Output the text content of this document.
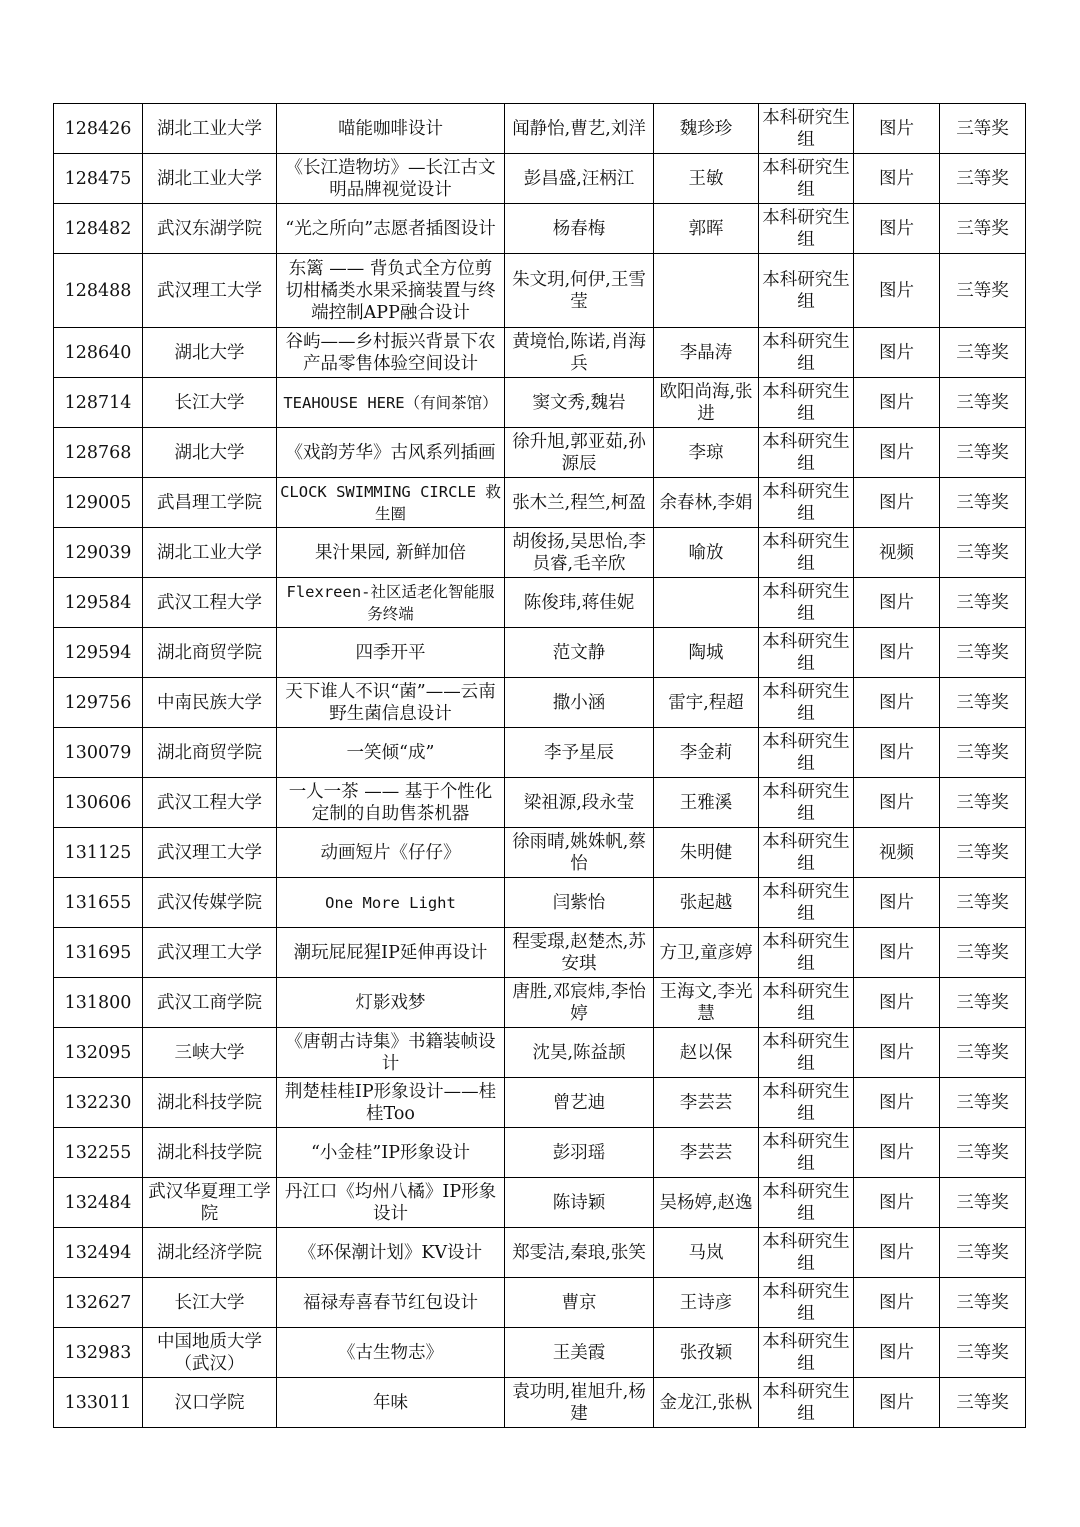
128426	湖北工业大学	喵能咖啡设计	闻静怡,曹艺,刘洋	魏珍珍	本科研究生组	图片	三等奖
128475	湖北工业大学	《长江造物坊》—长江古文明品牌视觉设计	彭昌盛,汪柄江	王敏	本科研究生组	图片	三等奖
128482	武汉东湖学院	“光之所向”志愿者插图设计	杨春梅	郭晖	本科研究生组	图片	三等奖
128488	武汉理工大学	东篱 —— 背负式全方位剪切柑橘类水果采摘装置与终端控制APP融合设计	朱文玥,何伊,王雪莹		本科研究生组	图片	三等奖
128640	湖北大学	谷屿——乡村振兴背景下农产品零售体验空间设计	黄境怡,陈诺,肖海兵	李晶涛	本科研究生组	图片	三等奖
128714	长江大学	TEAHOUSE HERE（有间茶馆）	窦文秀,魏岩	欧阳尚海,张进	本科研究生组	图片	三等奖
128768	湖北大学	《戏韵芳华》古风系列插画	徐升旭,郭亚茹,孙源辰	李琼	本科研究生组	图片	三等奖
129005	武昌理工学院	CLOCK SWIMMING CIRCLE 救生圈	张木兰,程竺,柯盈	余春林,李娟	本科研究生组	图片	三等奖
129039	湖北工业大学	果汁果园, 新鲜加倍	胡俊扬,吴思怡,李员睿,毛辛欣	喻放	本科研究生组	视频	三等奖
129584	武汉工程大学	Flexreen-社区适老化智能服务终端	陈俊玮,蒋佳妮		本科研究生组	图片	三等奖
129594	湖北商贸学院	四季开平	范文静	陶城	本科研究生组	图片	三等奖
129756	中南民族大学	天下谁人不识“菌”——云南野生菌信息设计	撒小涵	雷宇,程超	本科研究生组	图片	三等奖
130079	湖北商贸学院	一笑倾“成”	李予星辰	李金莉	本科研究生组	图片	三等奖
130606	武汉工程大学	一人一茶 —— 基于个性化定制的自助售茶机器	梁祖源,段永莹	王雅溪	本科研究生组	图片	三等奖
131125	武汉理工大学	动画短片《仔仔》	徐雨晴,姚姝帆,蔡怡	朱明健	本科研究生组	视频	三等奖
131655	武汉传媒学院	One More Light	闫紫怡	张起越	本科研究生组	图片	三等奖
131695	武汉理工大学	潮玩屁屁猩IP延伸再设计	程雯璟,赵楚杰,苏安琪	方卫,童彦婷	本科研究生组	图片	三等奖
131800	武汉工商学院	灯影戏梦	唐胜,邓宸炜,李怡婷	王海文,李光慧	本科研究生组	图片	三等奖
132095	三峡大学	《唐朝古诗集》书籍装帧设计	沈昊,陈益颉	赵以保	本科研究生组	图片	三等奖
132230	湖北科技学院	荆楚桂桂IP形象设计——桂桂Too	曾艺迪	李芸芸	本科研究生组	图片	三等奖
132255	湖北科技学院	“小金桂”IP形象设计	彭羽瑶	李芸芸	本科研究生组	图片	三等奖
132484	武汉华夏理工学院	丹江口《均州八橘》IP形象设计	陈诗颖	吴杨婷,赵逸	本科研究生组	图片	三等奖
132494	湖北经济学院	《环保潮计划》KV设计	郑雯洁,秦琅,张笑	马岚	本科研究生组	图片	三等奖
132627	长江大学	福禄寿喜春节红包设计	曹京	王诗彦	本科研究生组	图片	三等奖
132983	中国地质大学（武汉）	《古生物志》	王美霞	张孜颖	本科研究生组	图片	三等奖
133011	汉口学院	年味	袁功明,崔旭升,杨建	金龙江,张枞	本科研究生组	图片	三等奖
